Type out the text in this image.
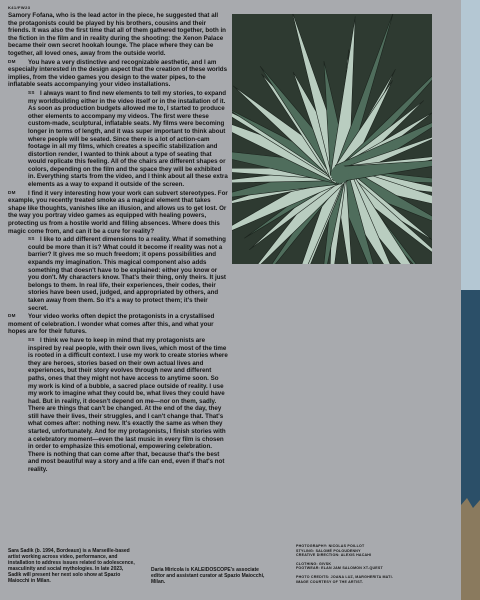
K41/FW23

Samory Fofana, who is the lead actor in the piece, he suggested that all the protagonists could be played by his brothers, cousins and their friends. It was also the first time that all of them gathered together, both in the fiction in the film and in reality during the shooting: the Xenon Palace became their own secret hookah lounge. The place where they can be together, all loved ones, away from the outside world.

DM You have a very distinctive and recognizable aesthetic, and I am especially interested in the design aspect that the creation of these worlds implies, from the video games you design to the water pipes, to the inflatable seats accompanying your video installations.

SS I always want to find new elements to tell my stories, to expand my worldbuilding either in the video itself or in the installation of it. As soon as production budgets allowed me to, I started to produce other elements to accompany my videos. The first were these custom-made, sculptural, inflatable seats. My films were becoming longer in terms of length, and it was super important to think about where people will be seated. Since there is a lot of action-cam footage in all my films, which creates a specific stabilization and distortion render, I wanted to think about a type of seating that would replicate this feeling. All of the chairs are different shapes or colors, depending on the film and the space they will be exhibited in. Everything starts from the video, and I think about all these extra elements as a way to expand it outside of the screen.

DM I find it very interesting how your work can subvert stereotypes. For example, you recently treated smoke as a magical element that takes shape like thoughts, vanishes like an illusion, and allows us to get lost. Or the way you portray video games as equipped with healing powers, protecting us from a hostile world and filling absences. Where does this magic come from, and can it be a cure for reality?

SS I like to add different dimensions to a reality. What if something could be more than it is? What could it become if reality was not a barrier? It gives me so much freedom; it opens possibilities and expands my imagination. This magical component also adds something that doesn't have to be explained: either you know or you don't. My characters know. That's their thing, only theirs. It just belongs to them. In real life, their experiences, their codes, their stories have been used, judged, and appropriated by others, and taken away from them. So it's a way to protect them; it's their secret.

DM Your video works often depict the protagonists in a crystallised moment of celebration. I wonder what comes after this, and what your hopes are for their futures.

SS I think we have to keep in mind that my protagonists are inspired by real people, with their own lives, which most of the time is rooted in a difficult context. I use my work to create stories where they are heroes, stories based on their own actual lives and experiences, but their story evolves through new and different paths, ones that they might not have access to anytime soon. So my work is kind of a bubble, a sacred place outside of reality. I use my work to imagine what they could be, what lives they could have had. But in reality, it doesn't depend on me—nor on them, sadly. There are things that can't be changed. At the end of the day, they still have their lives, their struggles, and I can't change that. That's what comes after: nothing new. It's exactly the same as when they started, unfortunately. And for my protagonists, I finish stories with a celebratory moment—even the last music in every film is chosen in order to emphasize this emotional, empowering celebration. There is nothing that can come after that, because that's the best and most beautiful way a story and a life can end, even if that's not reality.

Sara Sadik (b. 1994, Bordeaux) is a Marseille-based artist working across video, performance, and installation to address issues related to adolescence, masculinity and social mythologies. In late 2023, Sadik will present her next solo show at Spazio Maiocchi in Milan.
Daria Miricola is KALEIDOSCOPE's associate editor and assistant curator at Spazio Maiocchi, Milan.
PHOTOGRAPHY: NICOLAS POILLOT
STYLING: SALOMÉ POLOUDENNY
CREATIVE DIRECTION: ALEXIS HACAHI
CLOTHING: GIVSK
FOOTWEAR: ELAN JAM SALOMON XT-QUEST
PHOTO CREDITS: JOANA LUZ, MARGHERITA MATI.
IMAGE COURTESY OF THE ARTIST.
